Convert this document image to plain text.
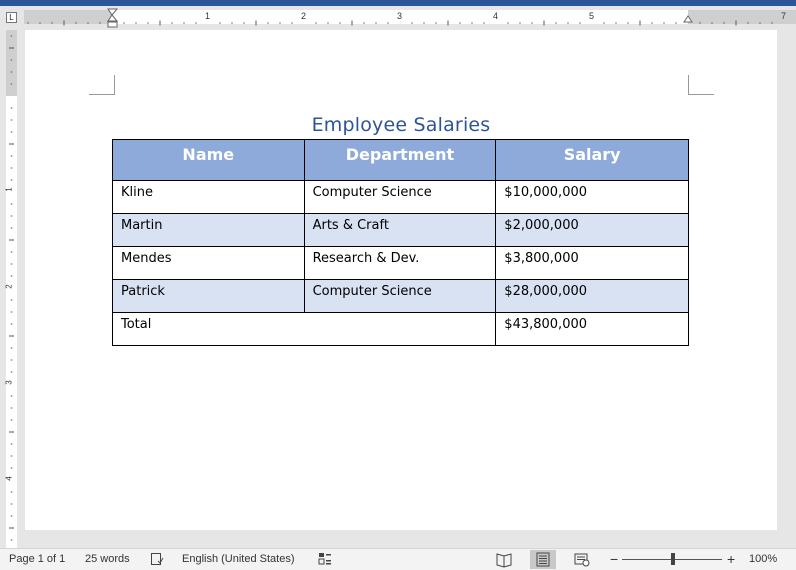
L	1	2	3	4	5	7
1
2
3
4
Employee Salaries
Name	Department	Salary
Kline	Computer Science	$10,000,000
Martin	Arts & Craft	$2,000,000
Mendes	Research & Dev.	$3,800,000
Patrick	Computer Science	$28,000,000
Total		$43,800,000
Page 1 of 1 25 words	English (United States)	−	+ 100%
